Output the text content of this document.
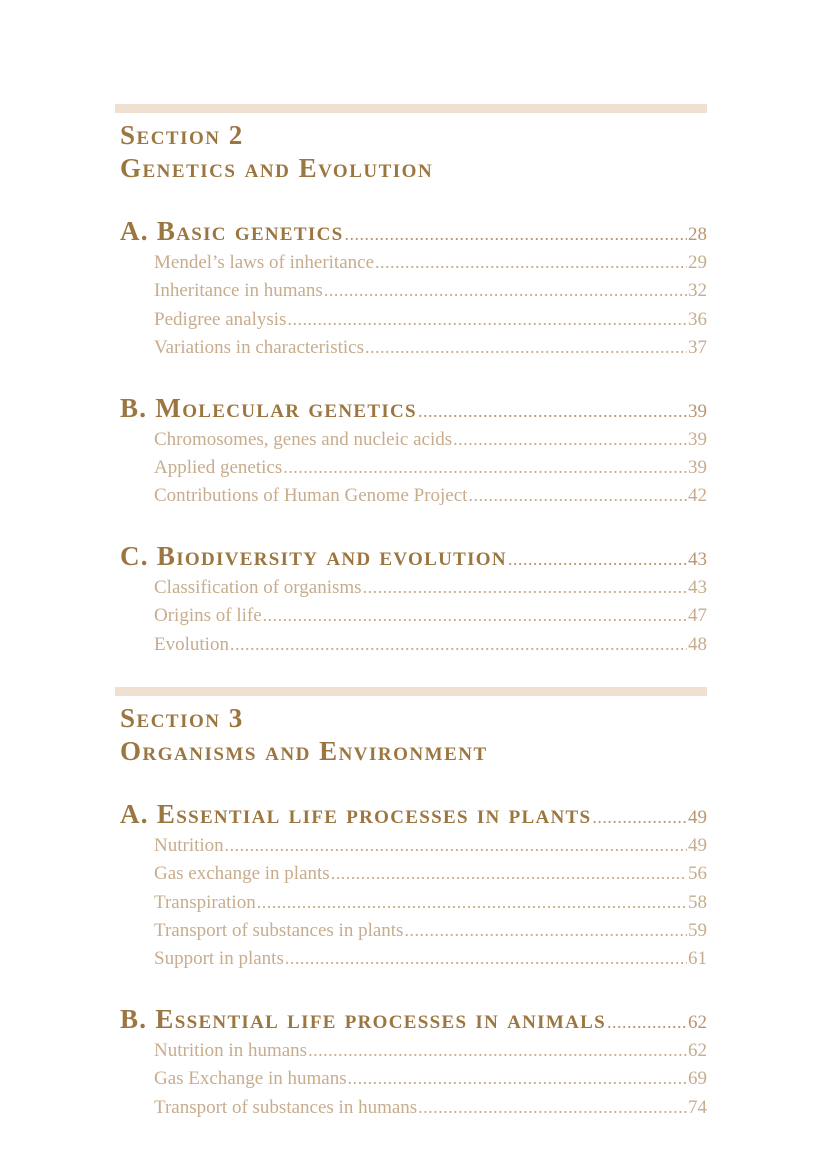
Section 2
Genetics and Evolution
A. Basic genetics .....	28
Mendel’s laws of inheritance .....	29
Inheritance in humans .....	32
Pedigree analysis .....	36
Variations in characteristics .....	37
B. Molecular genetics .....	39
Chromosomes, genes and nucleic acids .....	39
Applied genetics .....	39
Contributions of Human Genome Project .....	42
C. Biodiversity and evolution .....	43
Classification of organisms .....	43
Origins of life .....	47
Evolution .....	48
Section 3
Organisms and Environment
A. Essential life processes in plants .....	49
Nutrition .....	49
Gas exchange in plants .....	56
Transpiration .....	58
Transport of substances in plants .....	59
Support in plants .....	61
B. Essential life processes in animals .....	62
Nutrition in humans .....	62
Gas Exchange in humans .....	69
Transport of substances in humans .....	74
